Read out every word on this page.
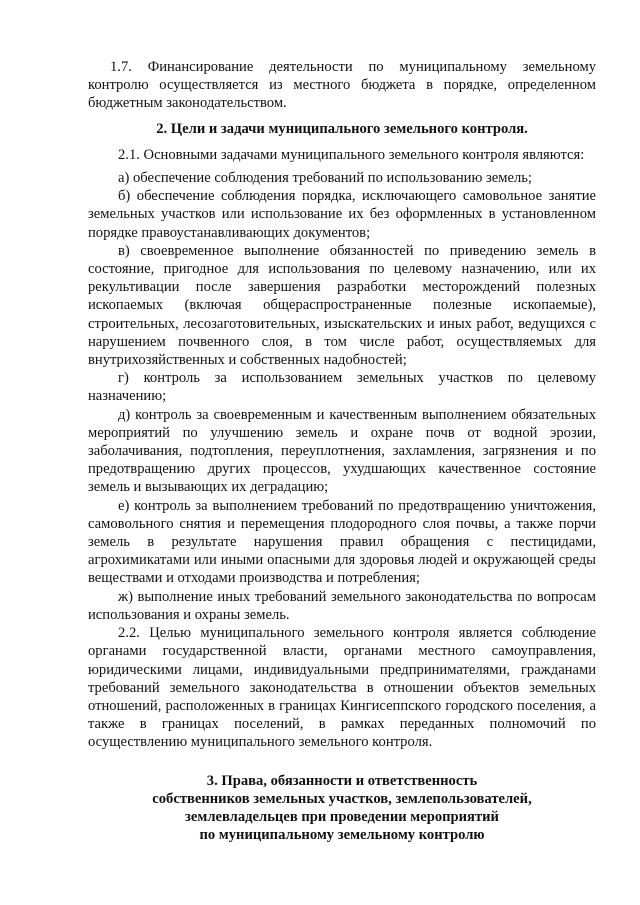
1.7. Финансирование деятельности по муниципальному земельному контролю осуществляется из местного бюджета в порядке, определенном бюджетным законодательством.

2. Цели и задачи муниципального земельного контроля.

2.1. Основными задачами муниципального земельного контроля являются:

а) обеспечение соблюдения требований по использованию земель;

б) обеспечение соблюдения порядка, исключающего самовольное занятие земельных участков или использование их без оформленных в установленном порядке правоустанавливающих документов;

в) своевременное выполнение обязанностей по приведению земель в состояние, пригодное для использования по целевому назначению, или их рекультивации после завершения разработки месторождений полезных ископаемых (включая общераспространенные полезные ископаемые), строительных, лесозаготовительных, изыскательских и иных работ, ведущихся с нарушением почвенного слоя, в том числе работ, осуществляемых для внутрихозяйственных и собственных надобностей;

г) контроль за использованием земельных участков по целевому назначению;

д) контроль за своевременным и качественным выполнением обязательных мероприятий по улучшению земель и охране почв от водной эрозии, заболачивания, подтопления, переуплотнения, захламления, загрязнения и по предотвращению других процессов, ухудшающих качественное состояние земель и вызывающих их деградацию;

е) контроль за выполнением требований по предотвращению уничтожения, самовольного снятия и перемещения плодородного слоя почвы, а также порчи земель в результате нарушения правил обращения с пестицидами, агрохимикатами или иными опасными для здоровья людей и окружающей среды веществами и отходами производства и потребления;

ж) выполнение иных требований земельного законодательства по вопросам использования и охраны земель.

2.2. Целью муниципального земельного контроля является соблюдение органами государственной власти, органами местного самоуправления, юридическими лицами, индивидуальными предпринимателями, гражданами требований земельного законодательства в отношении объектов земельных отношений, расположенных в границах Кингисеппского городского поселения, а также в границах поселений, в рамках переданных полномочий по осуществлению муниципального земельного контроля.

3. Права, обязанности и ответственность

собственников земельных участков, землепользователей,

землевладельцев при проведении мероприятий

по муниципальному земельному контролю
